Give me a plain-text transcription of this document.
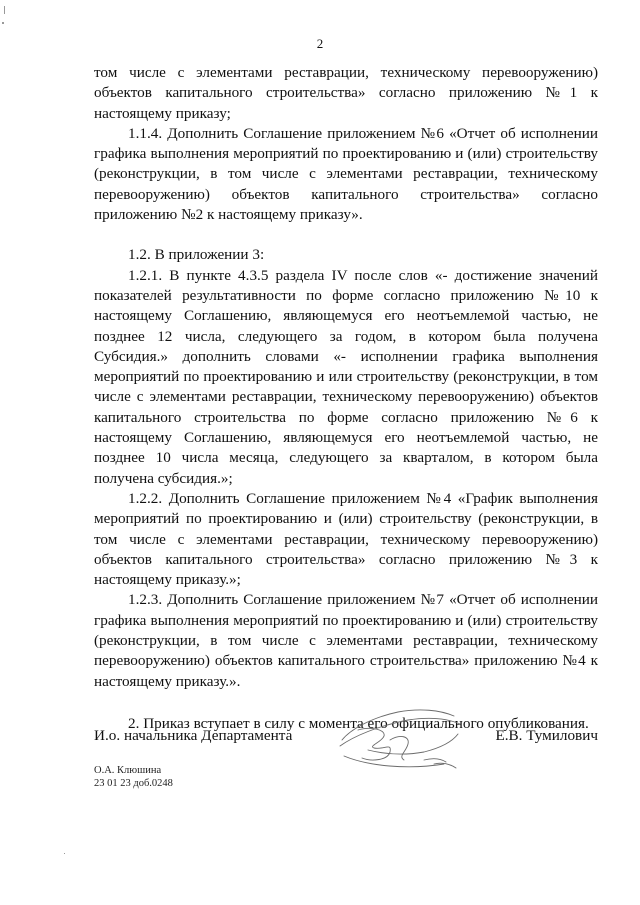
2

том числе с элементами реставрации, техническому перевооружению) объектов капитального строительства» согласно приложению №1 к настоящему приказу;

1.1.4. Дополнить Соглашение приложением №6 «Отчет об исполнении графика выполнения мероприятий по проектированию и (или) строительству (реконструкции, в том числе с элементами реставрации, техническому перевооружению) объектов капитального строительства» согласно приложению №2 к настоящему приказу».

1.2. В приложении 3:

1.2.1. В пункте 4.3.5 раздела IV после слов «- достижение значений показателей результативности по форме согласно приложению №10 к настоящему Соглашению, являющемуся его неотъемлемой частью, не позднее 12 числа, следующего за годом, в котором была получена Субсидия.» дополнить словами «- исполнении графика выполнения мероприятий по проектированию и или строительству (реконструкции, в том числе с элементами реставрации, техническому перевооружению) объектов капитального строительства по форме согласно приложению №6 к настоящему Соглашению, являющемуся его неотъемлемой частью, не позднее 10 числа месяца, следующего за кварталом, в котором была получена субсидия.»;

1.2.2. Дополнить Соглашение приложением №4 «График выполнения мероприятий по проектированию и (или) строительству (реконструкции, в том числе с элементами реставрации, техническому перевооружению) объектов капитального строительства» согласно приложению №3 к настоящему приказу.»;

1.2.3. Дополнить Соглашение приложением №7 «Отчет об исполнении графика выполнения мероприятий по проектированию и (или) строительству (реконструкции, в том числе с элементами реставрации, техническому перевооружению) объектов капитального строительства» приложению №4 к настоящему приказу.».

2. Приказ вступает в силу с момента его официального опубликования.

И.о. начальника Департамента	Е.В. Тумилович
О.А. Клюшина
23 01 23 доб.0248
